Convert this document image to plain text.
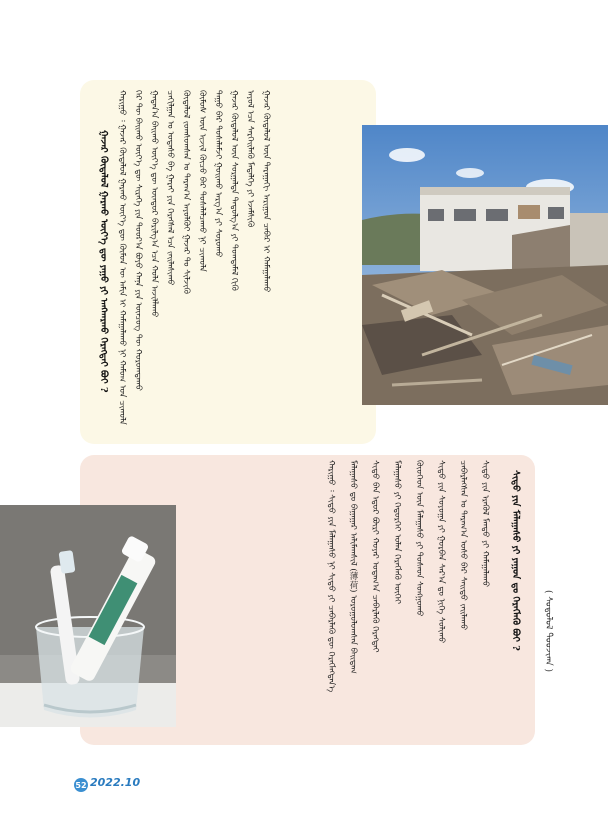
ᠭᠠᠵᠠᠷ ᠬᠥᠳᠡᠯᠦᠯ ᠭᠠᠷᠬᠤ ᠦᠶ᠎ᠡ ᠳᠦ ᠶᠠᠭᠤ ᠶᠢ ᠠᠩᠬᠠᠷᠬᠤ ᠬᠡᠷᠡᠭᠲᠡᠢ ᠪᠤᠢ ? ᠬᠠᠷᠢᠭᠤ ᠄ ᠭᠠᠵᠠᠷ ᠬᠥᠳᠡᠯᠦᠯ ᠭᠠᠷᠬᠤ ᠦᠶ᠎ᠡ ᠳᠦ ᠬᠦᠮᠦᠨ ᠦ ᠠᠮᠢᠨ ᠢ ᠬᠠᠮᠠᠭᠠᠯᠠᠬᠤ ᠨᠢ ᠬᠠᠮᠤᠭ ᠤᠨ ᠴᠢᠬᠤᠯᠠ ᠭᠡᠷ ᠲᠦ ᠪᠠᠢᠬᠤ ᠦᠶ᠎ᠡ ᠳᠦ ᠰᠢᠷᠡᠭᠡ ᠶᠢᠨ ᠳᠣᠣᠷ᠎ᠠ ᠪᠤᠶᠤ ᠬᠠᠨᠠ ᠶᠢᠨ ᠥᠨᠴᠦᠭ ᠲᠦ ᠬᠣᠷᠣᠭᠳᠠᠬᠤ ᠭᠠᠳᠠᠨ᠎ᠠ ᠪᠠᠢᠬᠤ ᠦᠶ᠎ᠡ ᠳᠦ ᠥᠨᠳᠦᠷ ᠪᠠᠷᠢᠯᠭ᠎ᠠ ᠡᠴᠡ ᠬᠣᠯᠠ ᠠᠵᠢᠯᠯᠠᠬᠤ ᠴᠠᠬᠢᠯᠭᠠᠨ ᠤ ᠤᠲᠠᠰᠤ ᠪᠠ ᠭᠠᠷᠠᠢ ᠶᠢᠨ ᠬᠡᠷᠡᠭᠰᠡᠯ ᠡᠴᠡ ᠵᠠᠢᠯᠠᠰᠢᠬᠤ ᠬᠥᠳᠡᠯᠦᠯ ᠵᠣᠭᠰᠣᠭᠰᠠᠨ ᠤ ᠳᠠᠷᠠᠭ᠎ᠠ ᠠᠶᠤᠯᠭᠦᠢ ᠭᠠᠵᠠᠷ ᠲᠤ ᠰᠢᠯᠵᠢᠬᠦ ᠬᠦᠮᠦᠰ ᠦᠨ ᠢᠵᠢᠯ ᠬᠦᠴᠦ ᠪᠠᠷ ᠲᠤᠰᠠᠯᠠᠯᠴᠠᠬᠤ ᠨᠢ ᠴᠢᠬᠤᠯᠠ ᠳᠠᠭᠤ ᠪᠠᠷ ᠲᠤᠰᠠᠯᠠᠮᠵᠢ ᠭᠤᠢᠬᠤ ᠠᠷᠭ᠎ᠠ ᠶᠢ ᠰᠤᠷᠤᠬᠤ ᠭᠠᠵᠠᠷ ᠬᠥᠳᠡᠯᠦᠯ ᠦᠨ ᠰᠤᠷᠭᠠᠯᠲᠠ ᠳᠠᠳᠤᠯᠭ᠎ᠠ ᠶᠢ ᠲᠣᠭᠲᠠᠮᠠᠯ ᠬᠢᠬᠦ ᠠᠶᠤᠯ ᠡᠴᠡ ᠰᠡᠷᠭᠡᠢᠯᠡᠬᠦ ᠮᠡᠳᠡᠯᠭᠡ ᠶᠢ ᠡᠵᠡᠮᠰᠢᠬᠦ ᠭᠠᠵᠠᠷ ᠬᠥᠳᠡᠯᠦᠯ ᠦᠨ ᠳᠠᠷᠠᠭᠠᠬᠢ ᠠᠷᠢᠭᠤᠨ ᠴᠡᠪᠡᠷ ᠢ ᠬᠠᠮᠠᠭᠠᠯᠠᠬᠤ
ᠰᠢᠳᠦ ᠶᠢᠨ ᠮᠠᠯᠠᠭᠠᠰᠤ ᠶᠢ ᠶᠠᠭᠤᠨ ᠳᠤ ᠬᠡᠷᠡᠭᠯᠡᠬᠦ ᠪᠤᠢ ?
ᠬᠠᠷᠢᠭᠤ ᠄ ᠰᠢᠳᠦ ᠶᠢᠨ ᠮᠠᠯᠠᠭᠠᠰᠤ ᠨᠢ ᠰᠢᠳᠦ ᠶᠢ ᠴᠡᠪᠡᠷᠯᠡᠬᠦ ᠳᠦ ᠬᠡᠷᠡᠭᠯᠡᠭᠳᠡᠨ᠎ᠡ ᠮᠠᠯᠠᠭᠠᠰᠤ ᠳᠤ ᠪᠠᠭᠠᠭᠠᠷ ᠠᠯᠢᠮᠠᠭᠰᠢᠯ (薄荷) ᠤᠷᠤᠭᠤᠯᠤᠭᠰᠠᠨ ᠪᠠᠢᠳᠠᠭ ᠰᠢᠳᠦ ᠪᠡᠨ ᠡᠳᠦᠷ ᠪᠦᠷᠢ ᠬᠣᠶᠠᠷ ᠤᠳᠠᠭ᠎ᠠ ᠴᠡᠪᠡᠷᠯᠡᠬᠦ ᠬᠡᠷᠡᠭᠲᠡᠢ ᠮᠠᠯᠠᠭᠠᠰᠤ ᠶᠢ ᠬᠡᠲᠦᠷᠬᠡᠢ ᠣᠯᠠᠨ ᠬᠡᠷᠡᠭᠯᠡᠬᠦ ᠦᠭᠡᠢ ᠬᠦᠦᠬᠡᠳ ᠦᠨ ᠮᠠᠯᠠᠭᠠᠰᠤ ᠶᠢ ᠲᠤᠰᠠᠳ ᠰᠣᠩᠭᠣᠬᠤ ᠰᠢᠳᠦ ᠶᠢᠨ ᠰᠣᠶᠤᠭᠠ ᠶᠢ ᠭᠤᠷᠪᠠᠨ ᠰᠠᠷ᠎ᠠ ᠳᠤ ᠨᠢᠭᠡ ᠰᠣᠯᠢᠬᠤ ᠴᠡᠪᠡᠷᠯᠡᠭᠰᠡᠨ ᠤ ᠳᠠᠷᠠᠭ᠎ᠠ ᠤᠰᠤ ᠪᠠᠷ ᠰᠠᠢᠲᠤ ᠵᠠᠢᠯᠠᠬᠤ ᠰᠢᠳᠦ ᠶᠢᠨ ᠡᠷᠡᠭᠦᠯ ᠮᠡᠨᠳᠦ ᠶᠢ ᠬᠠᠮᠠᠭᠠᠯᠠᠬᠤ
( ᠰᠣᠳᠤᠯᠤᠯ ᠳᠣᠣᠵᠢᠭ᠍ᠠ )
52 2022.10
